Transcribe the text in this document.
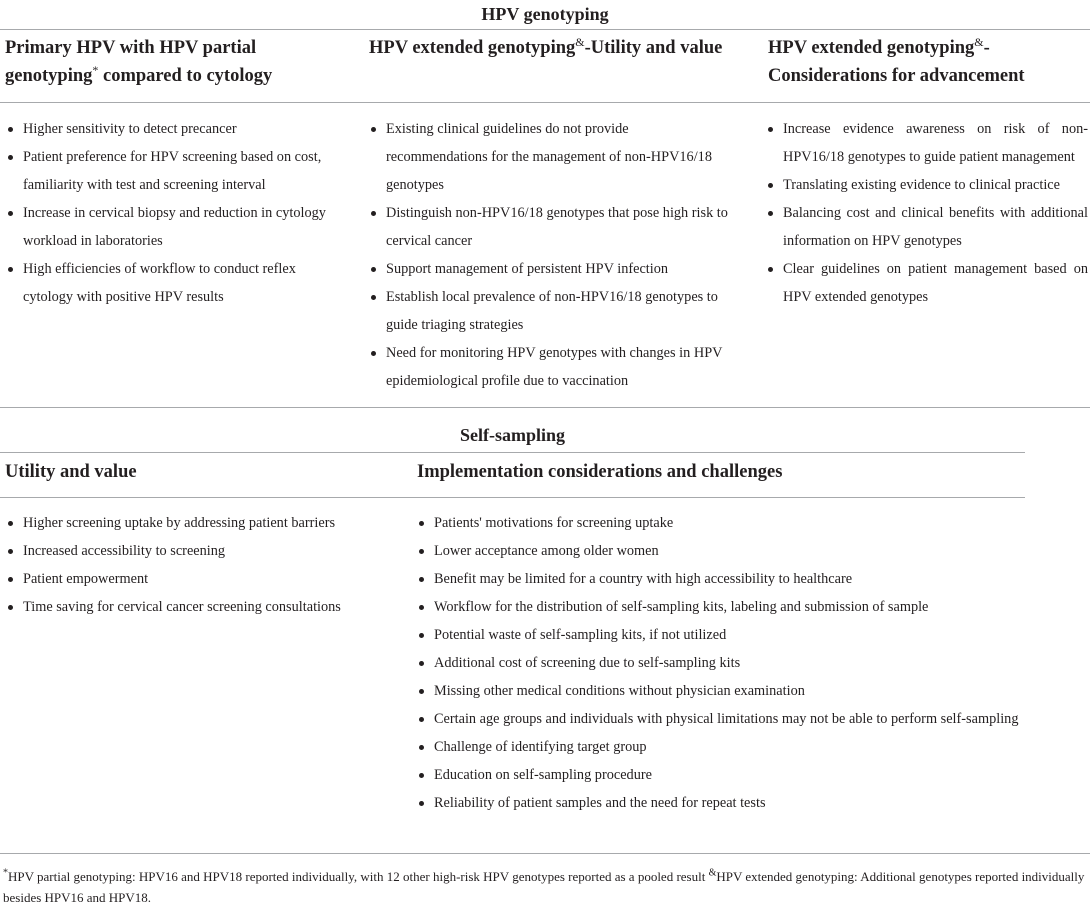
HPV genotyping
Primary HPV with HPV partial genotyping* compared to cytology
HPV extended genotyping&-Utility and value	HPV extended genotyping&-Considerations for advancement
Higher sensitivity to detect precancer
Patient preference for HPV screening based on cost, familiarity with test and screening interval
Increase in cervical biopsy and reduction in cytology workload in laboratories
High efficiencies of workflow to conduct reflex cytology with positive HPV results
Existing clinical guidelines do not provide recommendations for the management of non-HPV16/18 genotypes
Distinguish non-HPV16/18 genotypes that pose high risk to cervical cancer
Support management of persistent HPV infection
Establish local prevalence of non-HPV16/18 genotypes to guide triaging strategies
Need for monitoring HPV genotypes with changes in HPV epidemiological profile due to vaccination
Increase evidence awareness on risk of non-HPV16/18 genotypes to guide patient management
Translating existing evidence to clinical practice
Balancing cost and clinical benefits with additional information on HPV genotypes
Clear guidelines on patient management based on HPV extended genotypes
Self-sampling
Utility and value	Implementation considerations and challenges
Higher screening uptake by addressing patient barriers
Increased accessibility to screening
Patient empowerment
Time saving for cervical cancer screening consultations
Patients' motivations for screening uptake
Lower acceptance among older women
Benefit may be limited for a country with high accessibility to healthcare
Workflow for the distribution of self-sampling kits, labeling and submission of sample
Potential waste of self-sampling kits, if not utilized
Additional cost of screening due to self-sampling kits
Missing other medical conditions without physician examination
Certain age groups and individuals with physical limitations may not be able to perform self-sampling
Challenge of identifying target group
Education on self-sampling procedure
Reliability of patient samples and the need for repeat tests
*HPV partial genotyping: HPV16 and HPV18 reported individually, with 12 other high-risk HPV genotypes reported as a pooled result &HPV extended genotyping: Additional genotypes reported individually besides HPV16 and HPV18.
